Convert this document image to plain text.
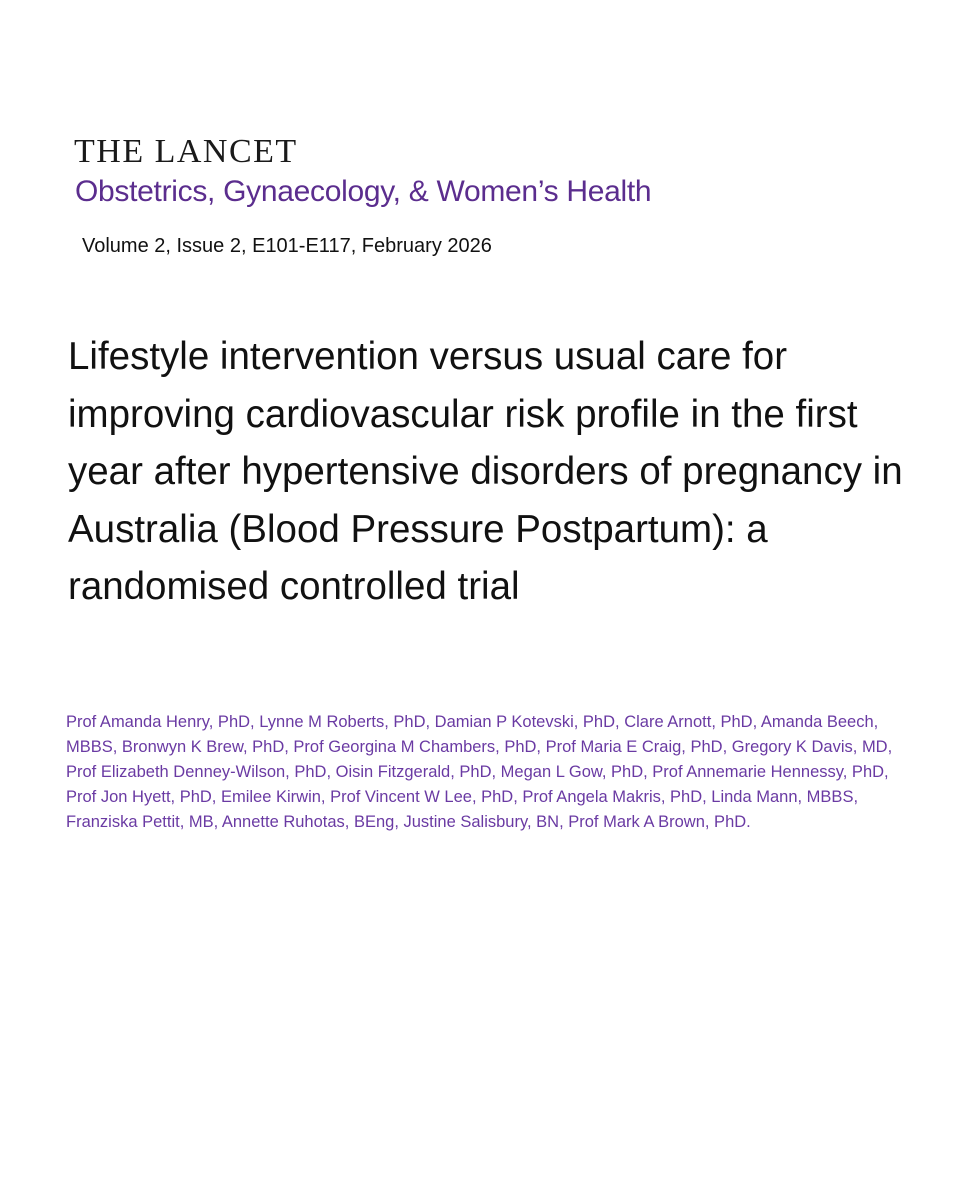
THE LANCET
Obstetrics, Gynaecology, & Women’s Health
Volume 2, Issue 2, E101-E117, February 2026
Lifestyle intervention versus usual care for improving cardiovascular risk profile in the first year after hypertensive disorders of pregnancy in Australia (Blood Pressure Postpartum): a randomised controlled trial

Prof Amanda Henry, PhD, Lynne M Roberts, PhD, Damian P Kotevski, PhD, Clare Arnott, PhD, Amanda Beech, MBBS, Bronwyn K Brew, PhD, Prof Georgina M Chambers, PhD, Prof Maria E Craig, PhD, Gregory K Davis, MD, Prof Elizabeth Denney-Wilson, PhD, Oisin Fitzgerald, PhD, Megan L Gow, PhD, Prof Annemarie Hennessy, PhD, Prof Jon Hyett, PhD, Emilee Kirwin, Prof Vincent W Lee, PhD, Prof Angela Makris, PhD, Linda Mann, MBBS, Franziska Pettit, MB, Annette Ruhotas, BEng, Justine Salisbury, BN, Prof Mark A Brown, PhD.
